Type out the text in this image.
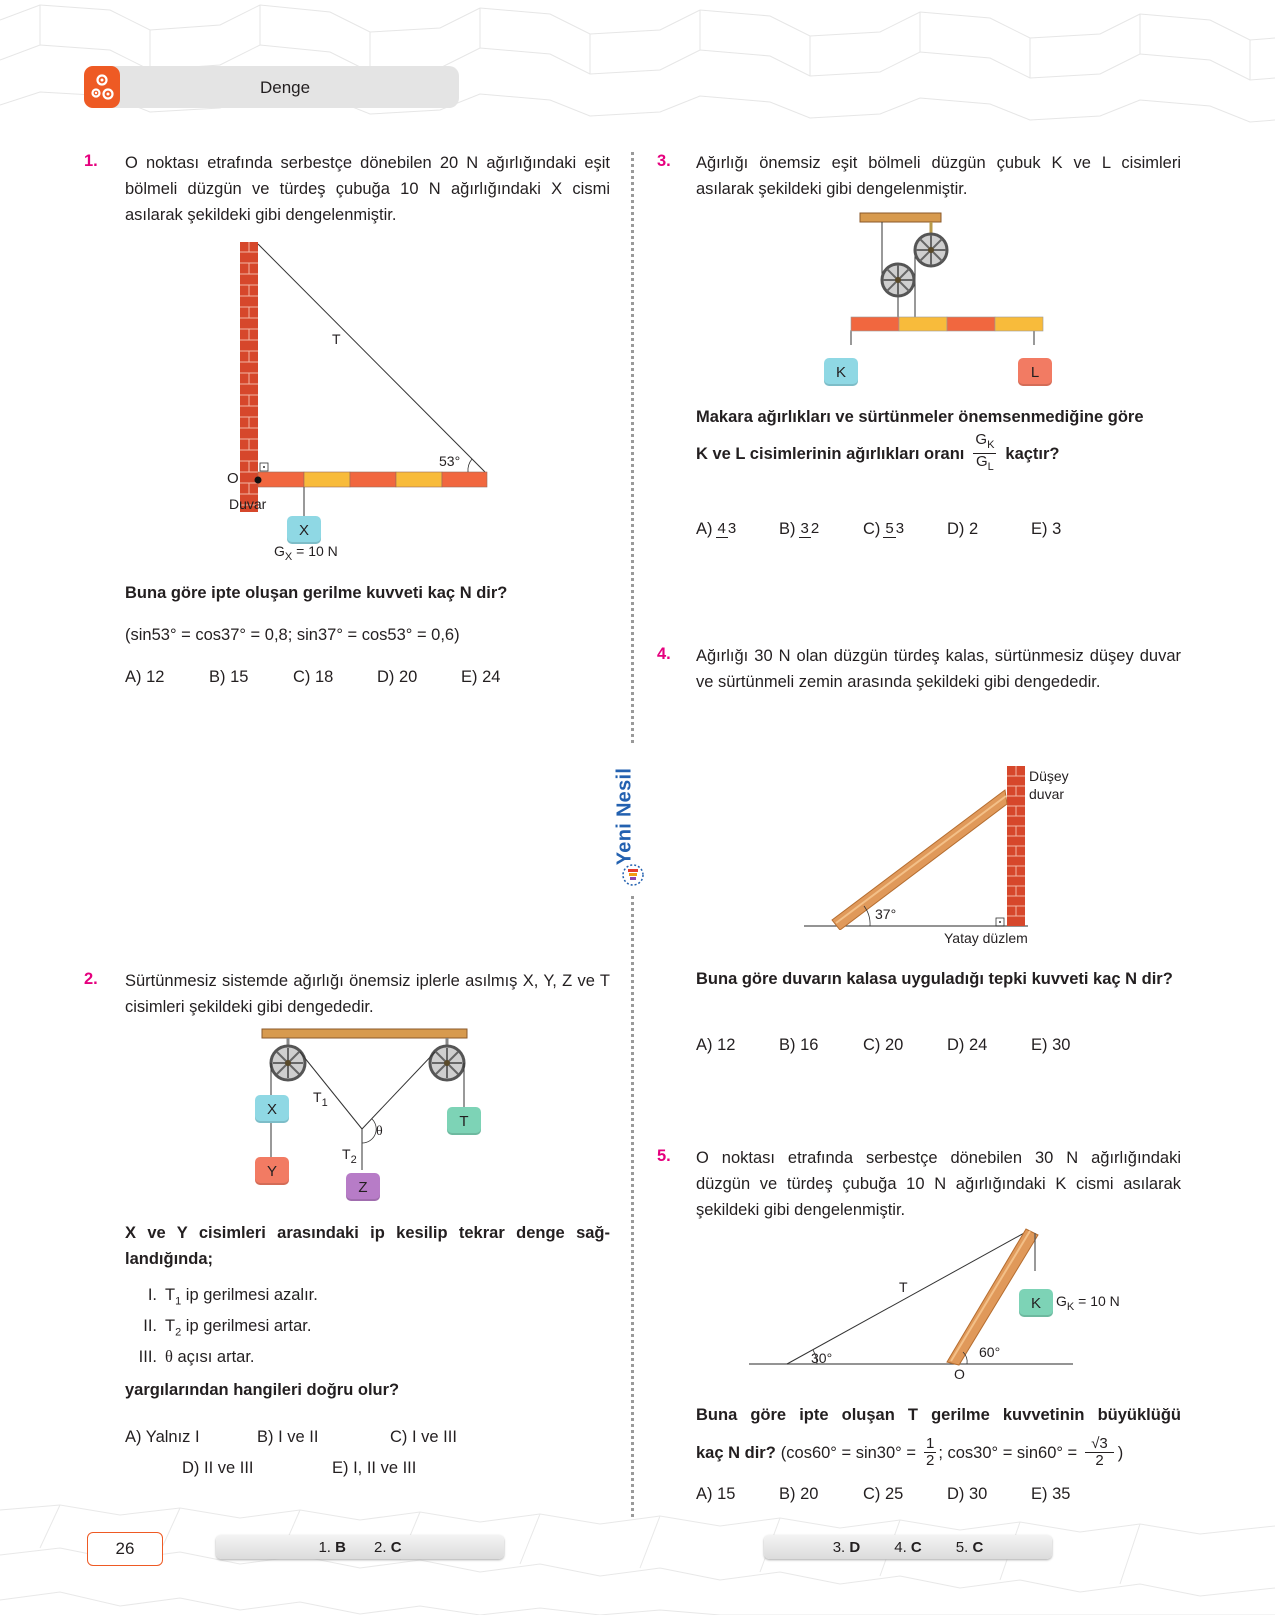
Denge
Yeni Nesil
1. O noktası etrafında serbestçe dönebilen 20 N ağırlığındaki eşit bölmeli düzgün ve türdeş çubuğa 10 N ağırlığındaki X cismi asılarak şekildeki gibi dengelenmiştir.
T
53°
O
Duvar
X
$G_X = 10$ N
Buna göre ipte oluşan gerilme kuvveti kaç N dir?
(sin53° = cos37° = 0,8; sin37° = cos53° = 0,6)
A) 12	B) 15	C) 18	D) 20	E) 24
2. Sürtünmesiz sistemde ağırlığı önemsiz iplerle asılmış X, Y, Z ve T cisimleri şekildeki gibi dengededir.
X
Y
Z
T
$T_1$
$T_2$
θ
X ve Y cisimleri arasındaki ip kesilip tekrar denge sağ-
landığında;
I. $T_1$ ip gerilmesi azalır.
II. $T_2$ ip gerilmesi artar.
III. θ açısı artar.
yargılarından hangileri doğru olur?
A) Yalnız I	B) I ve II	C) I ve III
D) II ve III	E) I, II ve III
3. Ağırlığı önemsiz eşit bölmeli düzgün çubuk K ve L cisimleri asılarak şekildeki gibi dengelenmiştir.
K	L
Makara ağırlıkları ve sürtünmeler önemsenmediğine göre
K ve L cisimlerinin ağırlıkları oranı $\frac{G_K}{G_L}$ kaçtır?
A) 4 3	B) 3 2	C) 5 3	D) 2	E) 3
4. Ağırlığı 30 N olan düzgün türdeş kalas, sürtünmesiz düşey duvar ve sürtünmeli zemin arasında şekildeki gibi dengededir.
Düşey
duvar
37°
Yatay düzlem
Buna göre duvarın kalasa uyguladığı tepki kuvveti kaç N dir?
A) 12	B) 16	C) 20	D) 24	E) 30
5. O noktası etrafında serbestçe dönebilen 30 N ağırlığındaki düzgün ve türdeş çubuğa 10 N ağırlığındaki K cismi asılarak şekildeki gibi dengelenmiştir.
K
T
30°	60°
O
$G_K = 10$ N
Buna göre ipte oluşan T gerilme kuvvetinin büyüklüğü
kaç N dir? ($\cos 60^\circ = \sin 30^\circ = \frac{1}{2}$ ; $\cos 30^\circ = \sin 60^\circ = \frac{√3}{2}$ )
A) 15	B) 20	C) 25	D) 30	E) 35
26	1. B 2. C	3. D 4. C 5. C
